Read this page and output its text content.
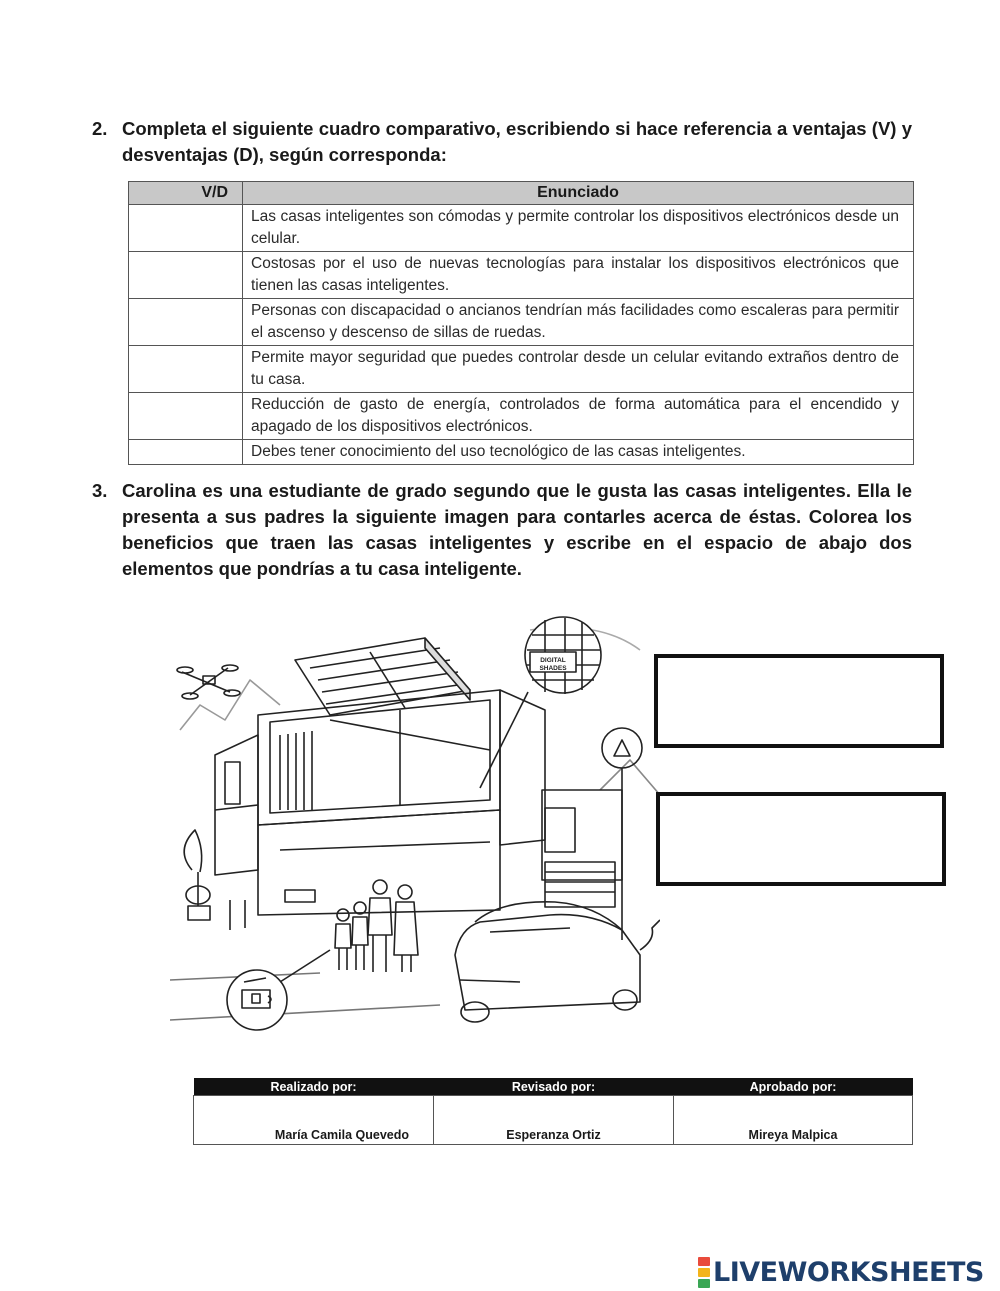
2. Completa el siguiente cuadro comparativo, escribiendo si hace referencia a ventajas (V) y desventajas (D), según corresponda:
V/D	Enunciado
	Las casas inteligentes son cómodas y permite controlar los dispositivos electrónicos desde un celular.
	Costosas por el uso de nuevas tecnologías para instalar los dispositivos electrónicos que tienen las casas inteligentes.
	Personas con discapacidad o ancianos tendrían más facilidades como escaleras para permitir el ascenso y descenso de sillas de ruedas.
	Permite mayor seguridad que puedes controlar desde un celular evitando extraños dentro de tu casa.
	Reducción de gasto de energía, controlados de forma automática para el encendido y apagado de los dispositivos electrónicos.
	Debes tener conocimiento del uso tecnológico de las casas inteligentes.
3. Carolina es una estudiante de grado segundo que le gusta las casas inteligentes. Ella le presenta a sus padres la siguiente imagen para contarles acerca de éstas. Colorea los beneficios que traen las casas inteligentes y escribe en el espacio de abajo dos elementos que pondrías a tu casa inteligente.
DIGITAL
SHADES
Realizado por:	Revisado por:	Aprobado por:
María Camila Quevedo	Esperanza Ortiz	Mireya Malpica
LIVEWORKSHEETS
